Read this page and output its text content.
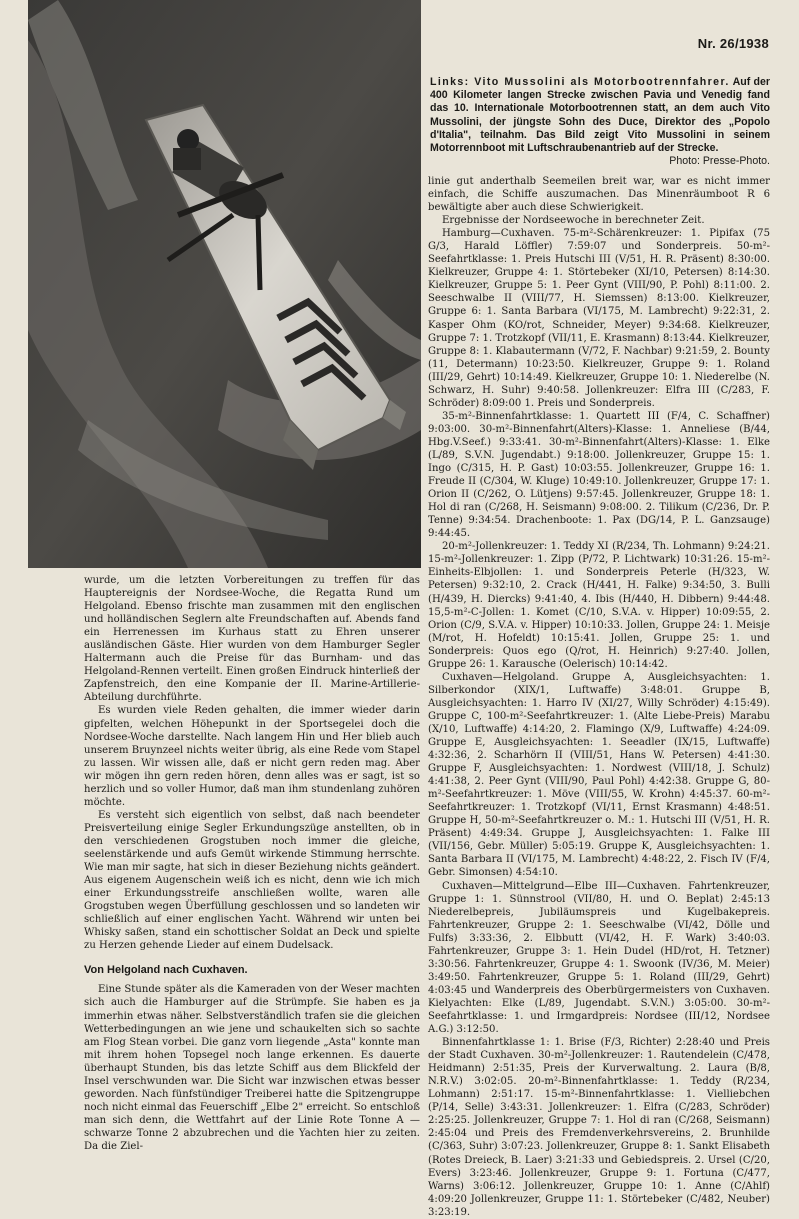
Nr. 26/1938
Links: Vito Mussolini als Motorbootrennfahrer. Auf der 400 Kilometer langen Strecke zwischen Pavia und Venedig fand das 10. Internationale Motorbootrennen statt, an dem auch Vito Mussolini, der jüngste Sohn des Duce, Direktor des „Popolo d'Italia", teilnahm. Das Bild zeigt Vito Mussolini in seinem Motorrennboot mit Luftschraubenantrieb auf der Strecke.
Photo: Presse-Photo.

wurde, um die letzten Vorbereitungen zu treffen für das Hauptereignis der Nordsee-Woche, die Regatta Rund um Helgoland. Ebenso frischte man zusammen mit den englischen und holländischen Seglern alte Freundschaften auf. Abends fand ein Herrenessen im Kurhaus statt zu Ehren unserer ausländischen Gäste. Hier wurden von dem Hamburger Segler Haltermann auch die Preise für das Burnham- und das Helgoland-Rennen verteilt. Einen großen Eindruck hinterließ der Zapfenstreich, den eine Kompanie der II. Marine-Artillerie-Abteilung durchführte.

Es wurden viele Reden gehalten, die immer wieder darin gipfelten, welchen Höhepunkt in der Sportsegelei doch die Nordsee-Woche darstellte. Nach langem Hin und Her blieb auch unserem Bruynzeel nichts weiter übrig, als eine Rede vom Stapel zu lassen. Wir wissen alle, daß er nicht gern reden mag. Aber wir mögen ihn gern reden hören, denn alles was er sagt, ist so herzlich und so voller Humor, daß man ihm stundenlang zuhören möchte.

Es versteht sich eigentlich von selbst, daß nach beendeter Preisverteilung einige Segler Erkundungszüge anstellten, ob in den verschiedenen Grogstuben noch immer die gleiche, seelenstärkende und aufs Gemüt wirkende Stimmung herrschte. Wie man mir sagte, hat sich in dieser Beziehung nichts geändert. Aus eigenem Augenschein weiß ich es nicht, denn wie ich mich einer Erkundungsstreife anschließen wollte, waren alle Grogstuben wegen Überfüllung geschlossen und so landeten wir schließlich auf einer englischen Yacht. Während wir unten bei Whisky saßen, stand ein schottischer Soldat an Deck und spielte zu Herzen gehende Lieder auf einem Dudelsack.

Von Helgoland nach Cuxhaven.

Eine Stunde später als die Kameraden von der Weser machten sich auch die Hamburger auf die Strümpfe. Sie haben es ja immerhin etwas näher. Selbstverständlich trafen sie die gleichen Wetterbedingungen an wie jene und schaukelten sich so sachte am Flog Stean vorbei. Die ganz vorn liegende „Asta" konnte man mit ihrem hohen Topsegel noch lange erkennen. Es dauerte überhaupt Stunden, bis das letzte Schiff aus dem Blickfeld der Insel verschwunden war. Die Sicht war inzwischen etwas besser geworden. Nach fünfstündiger Treiberei hatte die Spitzengruppe noch nicht einmal das Feuerschiff „Elbe 2" erreicht. So entschloß man sich denn, die Wettfahrt auf der Linie Rote Tonne A — schwarze Tonne 2 abzubrechen und die Yachten hier zu zeiten. Da die Ziel-

linie gut anderthalb Seemeilen breit war, war es nicht immer einfach, die Schiffe auszumachen. Das Minenräumboot R 6 bewältigte aber auch diese Schwierigkeit.

Ergebnisse der Nordseewoche in berechneter Zeit.

Hamburg—Cuxhaven. 75-m²-Schärenkreuzer: 1. Pipifax (75 G/3, Harald Löffler) 7:59:07 und Sonderpreis. 50-m²-Seefahrtklasse: 1. Preis Hutschi III (V/51, H. R. Präsent) 8:30:00. Kielkreuzer, Gruppe 4: 1. Störtebeker (XI/10, Petersen) 8:14:30. Kielkreuzer, Gruppe 5: 1. Peer Gynt (VIII/90, P. Pohl) 8:11:00. 2. Seeschwalbe II (VIII/77, H. Siemssen) 8:13:00. Kielkreuzer, Gruppe 6: 1. Santa Barbara (VI/175, M. Lambrecht) 9:22:31, 2. Kasper Ohm (KO/rot, Schneider, Meyer) 9:34:68. Kielkreuzer, Gruppe 7: 1. Trotzkopf (VII/11, E. Krasmann) 8:13:44. Kielkreuzer, Gruppe 8: 1. Klabautermann (V/72, F. Nachbar) 9:21:59, 2. Bounty (11, Determann) 10:23:50. Kielkreuzer, Gruppe 9: 1. Roland (III/29, Gehrt) 10:14:49. Kielkreuzer, Gruppe 10: 1. Niederelbe (N. Schwarz, H. Suhr) 9:40:58. Jollenkreuzer: Elfra III (C/283, F. Schröder) 8:09:00 1. Preis und Sonderpreis.

35-m²-Binnenfahrtklasse: 1. Quartett III (F/4, C. Schaffner) 9:03:00. 30-m²-Binnenfahrt(Alters)-Klasse: 1. Anneliese (B/44, Hbg.V.Seef.) 9:33:41. 30-m²-Binnenfahrt(Alters)-Klasse: 1. Elke (L/89, S.V.N. Jugendabt.) 9:18:00. Jollenkreuzer, Gruppe 15: 1. Ingo (C/315, H. P. Gast) 10:03:55. Jollenkreuzer, Gruppe 16: 1. Freude II (C/304, W. Kluge) 10:49:10. Jollenkreuzer, Gruppe 17: 1. Orion II (C/262, O. Lütjens) 9:57:45. Jollenkreuzer, Gruppe 18: 1. Hol di ran (C/268, H. Seismann) 9:08:00. 2. Tilikum (C/236, Dr. P. Tenne) 9:34:54. Drachenboote: 1. Pax (DG/14, P. L. Ganzsauge) 9:44:45.

20-m²-Jollenkreuzer: 1. Teddy XI (R/234, Th. Lohmann) 9:24:21. 15-m²-Jollenkreuzer: 1. Zipp (P/72, P. Lichtwark) 10:31:26. 15-m²-Einheits-Elbjollen: 1. und Sonderpreis Peterle (H/323, W. Petersen) 9:32:10, 2. Crack (H/441, H. Falke) 9:34:50, 3. Bulli (H/439, H. Diercks) 9:41:40, 4. Ibis (H/440, H. Dibbern) 9:44:48. 15,5-m²-C-Jollen: 1. Komet (C/10, S.V.A. v. Hipper) 10:09:55, 2. Orion (C/9, S.V.A. v. Hipper) 10:10:33. Jollen, Gruppe 24: 1. Meisje (M/rot, H. Hofeldt) 10:15:41. Jollen, Gruppe 25: 1. und Sonderpreis: Quos ego (Q/rot, H. Heinrich) 9:27:40. Jollen, Gruppe 26: 1. Karausche (Oelerisch) 10:14:42.

Cuxhaven—Helgoland. Gruppe A, Ausgleichsyachten: 1. Silberkondor (XIX/1, Luftwaffe) 3:48:01. Gruppe B, Ausgleichsyachten: 1. Harro IV (XI/27, Willy Schröder) 4:15:49). Gruppe C, 100-m²-Seefahrtkreuzer: 1. (Alte Liebe-Preis) Marabu (X/10, Luftwaffe) 4:14:20, 2. Flamingo (X/9, Luftwaffe) 4:24:09. Gruppe E, Ausgleichsyachten: 1. Seeadler (IX/15, Luftwaffe) 4:32:36, 2. Scharhörn II (VIII/51, Hans W. Petersen) 4:41:30. Gruppe F, Ausgleichsyachten: 1. Nordwest (VIII/18, J. Schulz) 4:41:38, 2. Peer Gynt (VIII/90, Paul Pohl) 4:42:38. Gruppe G, 80-m²-Seefahrtkreuzer: 1. Möve (VIII/55, W. Krohn) 4:45:37. 60-m²-Seefahrtkreuzer: 1. Trotzkopf (VI/11, Ernst Krasmann) 4:48:51. Gruppe H, 50-m²-Seefahrtkreuzer o. M.: 1. Hutschi III (V/51, H. R. Präsent) 4:49:34. Gruppe J, Ausgleichsyachten: 1. Falke III (VII/156, Gebr. Müller) 5:05:19. Gruppe K, Ausgleichsyachten: 1. Santa Barbara II (VI/175, M. Lambrecht) 4:48:22, 2. Fisch IV (F/4, Gebr. Simonsen) 4:54:10.

Cuxhaven—Mittelgrund—Elbe III—Cuxhaven. Fahrtenkreuzer, Gruppe 1: 1. Sünnstrool (VII/80, H. und O. Beplat) 2:45:13 Niederelbepreis, Jubiläumspreis und Kugelbakepreis. Fahrtenkreuzer, Gruppe 2: 1. Seeschwalbe (VI/42, Dölle und Fulfs) 3:33:36, 2. Elbbutt (VI/42, H. F. Wark) 3:40:03. Fahrtenkreuzer, Gruppe 3: 1. Hein Dudel (HD/rot, H. Tetzner) 3:30:56. Fahrtenkreuzer, Gruppe 4: 1. Swoonk (IV/36, M. Meier) 3:49:50. Fahrtenkreuzer, Gruppe 5: 1. Roland (III/29, Gehrt) 4:03:45 und Wanderpreis des Oberbürgermeisters von Cuxhaven. Kielyachten: Elke (L/89, Jugendabt. S.V.N.) 3:05:00. 30-m²-Seefahrtklasse: 1. und Irmgardpreis: Nordsee (III/12, Nordsee A.G.) 3:12:50.

Binnenfahrtklasse 1: 1. Brise (F/3, Richter) 2:28:40 und Preis der Stadt Cuxhaven. 30-m²-Jollenkreuzer: 1. Rautendelein (C/478, Heidmann) 2:51:35, Preis der Kurverwaltung. 2. Laura (B/8, N.R.V.) 3:02:05. 20-m²-Binnenfahrtklasse: 1. Teddy (R/234, Lohmann) 2:51:17. 15-m²-Binnenfahrtklasse: 1. Vielliebchen (P/14, Selle) 3:43:31. Jollenkreuzer: 1. Elfra (C/283, Schröder) 2:25:25. Jollenkreuzer, Gruppe 7: 1. Hol di ran (C/268, Seismann) 2:45:04 und Preis des Fremdenverkehrsvereins, 2. Brunhilde (C/363, Suhr) 3:07:23. Jollenkreuzer, Gruppe 8: 1. Sankt Elisabeth (Rotes Dreieck, B. Laer) 3:21:33 und Gebiedspreis. 2. Ursel (C/20, Evers) 3:23:46. Jollenkreuzer, Gruppe 9: 1. Fortuna (C/477, Warns) 3:06:12. Jollenkreuzer, Gruppe 10: 1. Anne (C/Ahlf) 4:09:20 Jollenkreuzer, Gruppe 11: 1. Störtebeker (C/482, Neuber) 3:23:19.
